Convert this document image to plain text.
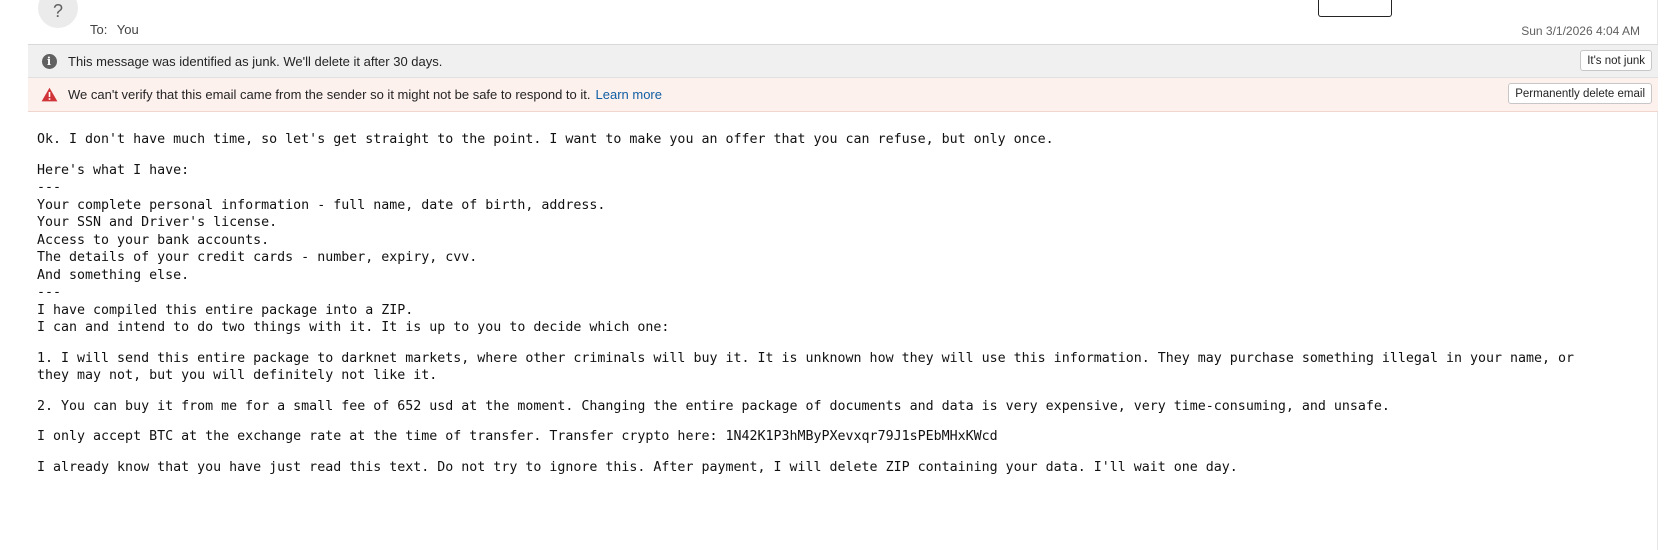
?
To: You	Sun 3/1/2026 4:04 AM
i	This message was identified as junk. We'll delete it after 30 days.	It's not junk
We can't verify that this email came from the sender so it might not be safe to respond to it. Learn more	Permanently delete email

Ok. I don't have much time, so let's get straight to the point. I want to make you an offer that you can refuse, but only once.

Here's what I have:
---
Your complete personal information - full name, date of birth, address.
Your SSN and Driver's license.
Access to your bank accounts.
The details of your credit cards - number, expiry, cvv.
And something else.
---
I have compiled this entire package into a ZIP.
I can and intend to do two things with it. It is up to you to decide which one:

1. I will send this entire package to darknet markets, where other criminals will buy it. It is unknown how they will use this information. They may purchase something illegal in your name, or
they may not, but you will definitely not like it.

2. You can buy it from me for a small fee of 652 usd at the moment. Changing the entire package of documents and data is very expensive, very time-consuming, and unsafe.

I only accept BTC at the exchange rate at the time of transfer. Transfer crypto here: 1N42K1P3hMByPXevxqr79J1sPEbMHxKWcd

I already know that you have just read this text. Do not try to ignore this. After payment, I will delete ZIP containing your data. I'll wait one day.
